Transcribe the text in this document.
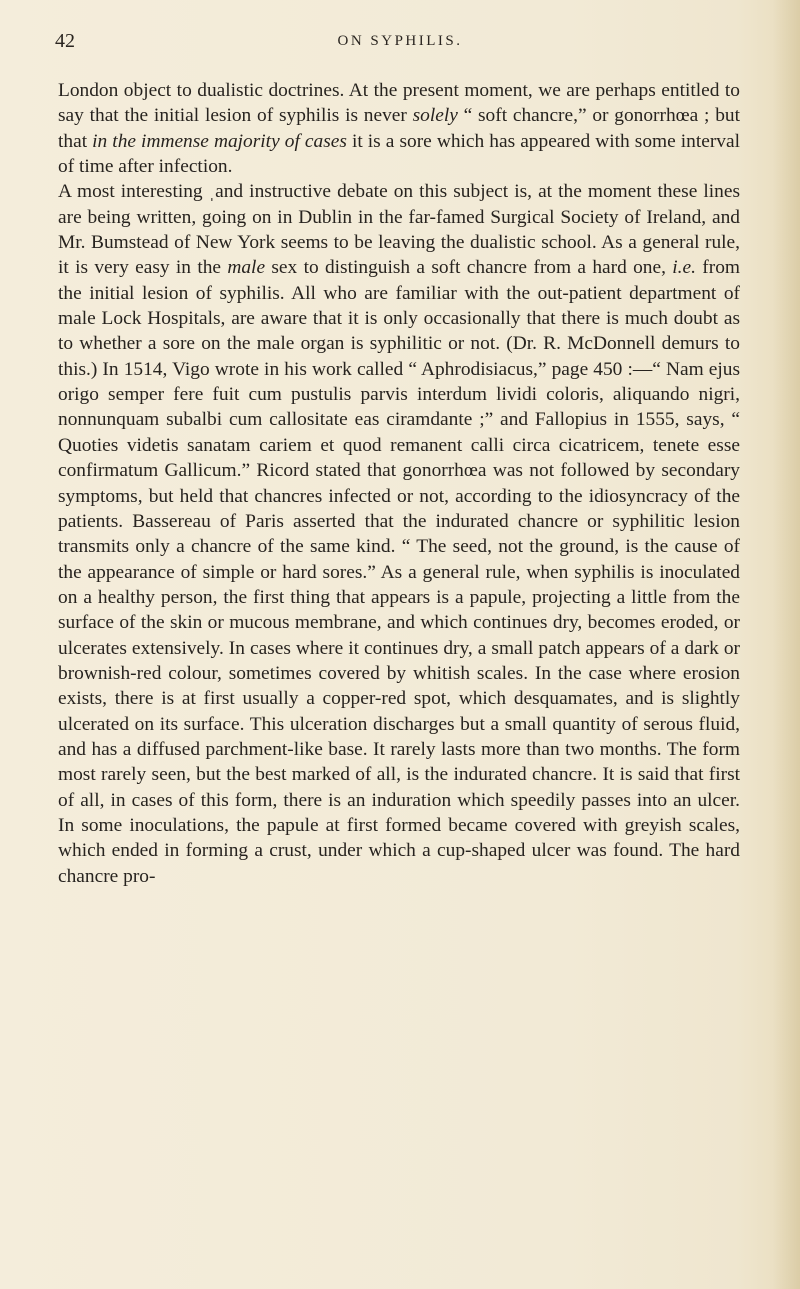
42	ON SYPHILIS.

London object to dualistic doctrines. At the present moment, we are perhaps entitled to say that the initial lesion of syphilis is never solely “ soft chancre,” or gonorrhœa ; but that in the immense majority of cases it is a sore which has appeared with some interval of time after infection.

A most interesting ˌand instructive debate on this subject is, at the moment these lines are being written, going on in Dublin in the far-famed Surgical Society of Ireland, and Mr. Bumstead of New York seems to be leaving the dualistic school. As a general rule, it is very easy in the male sex to distinguish a soft chancre from a hard one, i.e. from the initial lesion of syphilis. All who are familiar with the out-patient department of male Lock Hospitals, are aware that it is only occasionally that there is much doubt as to whether a sore on the male organ is syphilitic or not. (Dr. R. McDonnell demurs to this.) In 1514, Vigo wrote in his work called “ Aphrodisiacus,” page 450 :—“ Nam ejus origo semper fere fuit cum pustulis parvis interdum lividi coloris, aliquando nigri, nonnunquam subalbi cum callositate eas ciramdante ;” and Fallopius in 1555, says, “ Quoties videtis sanatam cariem et quod remanent calli circa cicatricem, tenete esse confirmatum Gallicum.” Ricord stated that gonorrhœa was not followed by secondary symptoms, but held that chancres infected or not, according to the idiosyncracy of the patients. Bassereau of Paris asserted that the indurated chancre or syphilitic lesion transmits only a chancre of the same kind. “ The seed, not the ground, is the cause of the appearance of simple or hard sores.” As a general rule, when syphilis is inoculated on a healthy person, the first thing that appears is a papule, projecting a little from the surface of the skin or mucous membrane, and which continues dry, becomes eroded, or ulcerates extensively. In cases where it continues dry, a small patch appears of a dark or brownish-red colour, sometimes covered by whitish scales. In the case where erosion exists, there is at first usually a copper-red spot, which desquamates, and is slightly ulcerated on its surface. This ulceration discharges but a small quantity of serous fluid, and has a diffused parchment-like base. It rarely lasts more than two months. The form most rarely seen, but the best marked of all, is the indurated chancre. It is said that first of all, in cases of this form, there is an induration which speedily passes into an ulcer. In some inoculations, the papule at first formed became covered with greyish scales, which ended in forming a crust, under which a cup-shaped ulcer was found. The hard chancre pro-
